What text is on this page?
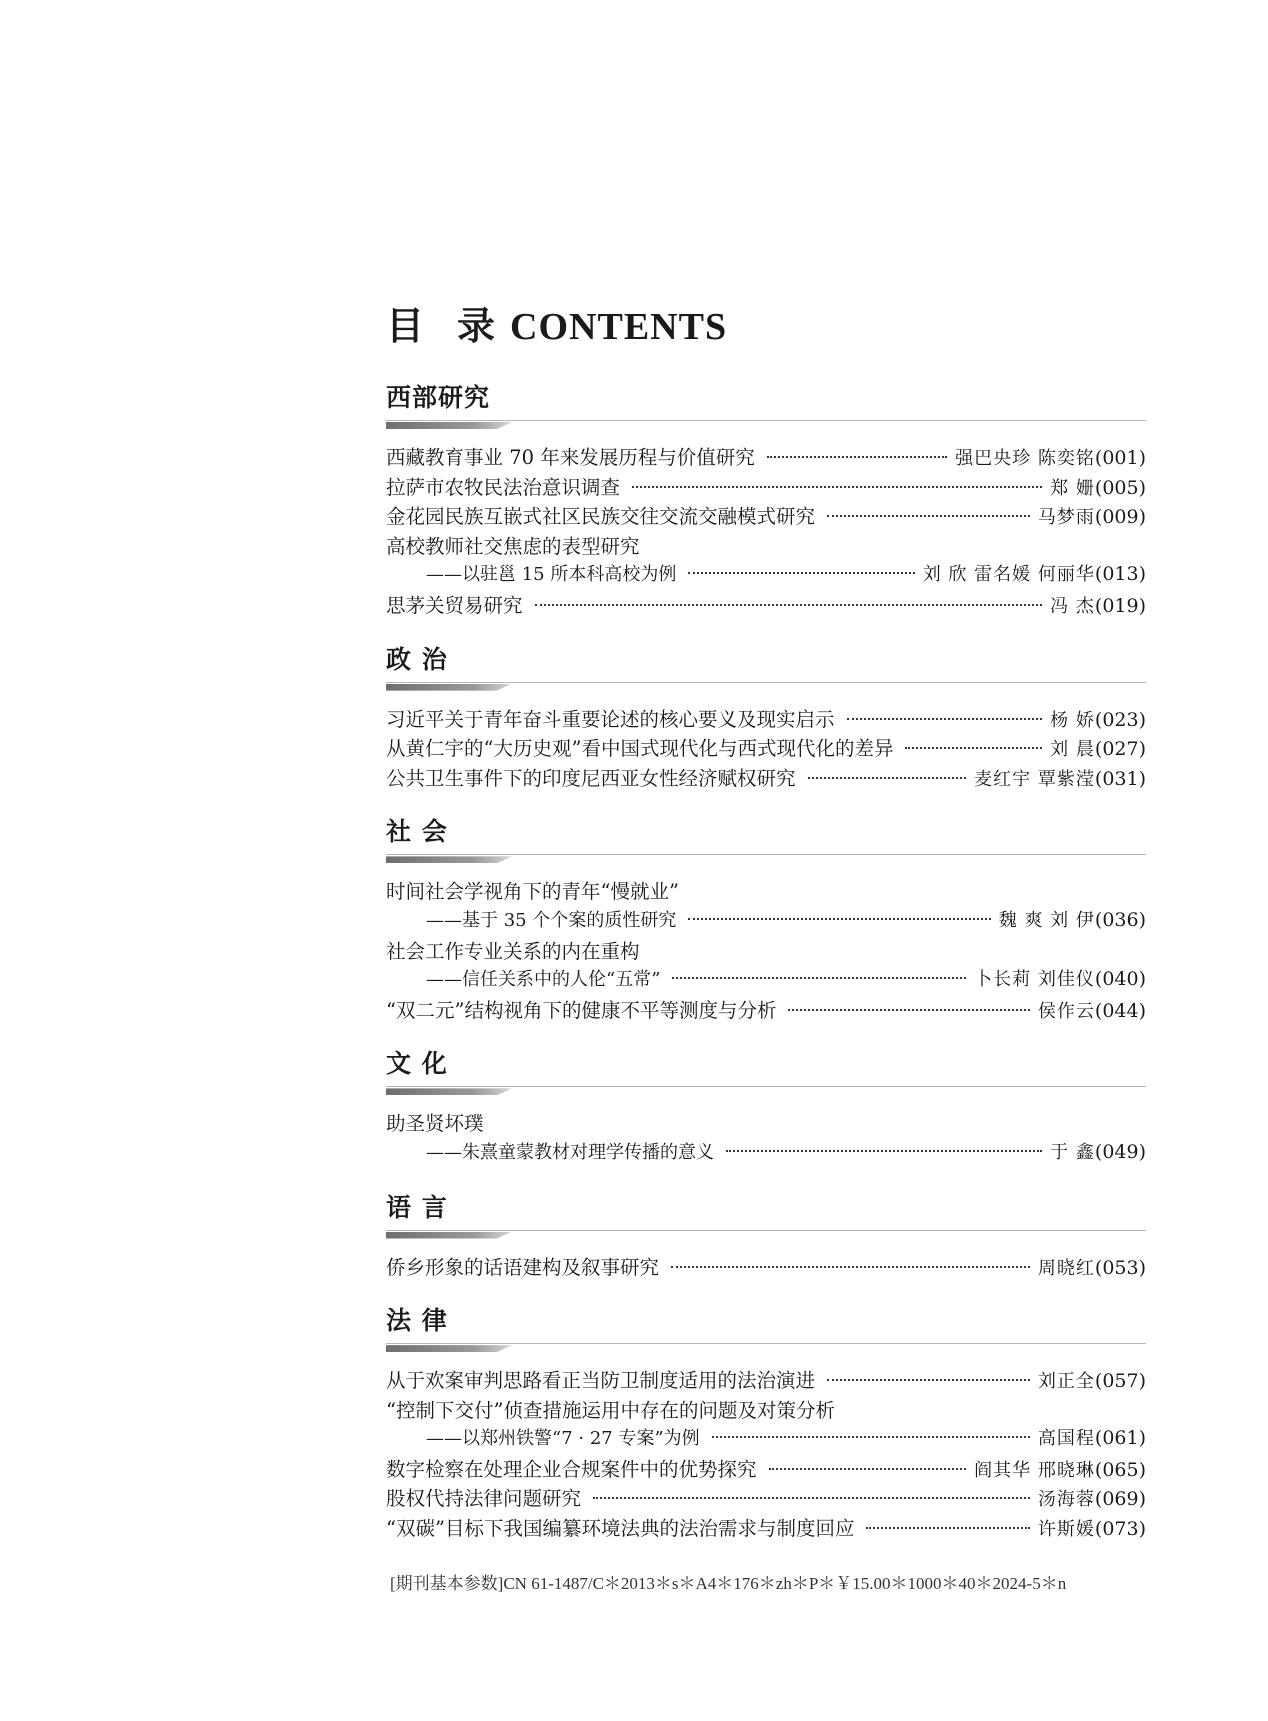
目 录 CONTENTS
西部研究
西藏教育事业 70 年来发展历程与价值研究	强巴央珍 陈奕铭 (001)
拉萨市农牧民法治意识调查	郑 姗 (005)
金花园民族互嵌式社区民族交往交流交融模式研究	马梦雨 (009)
高校教师社交焦虑的表型研究
——以驻邕 15 所本科高校为例	刘 欣 雷名媛 何丽华 (013)
思茅关贸易研究	冯 杰 (019)
政 治
习近平关于青年奋斗重要论述的核心要义及现实启示	杨 娇 (023)
从黄仁宇的“大历史观”看中国式现代化与西式现代化的差异	刘 晨 (027)
公共卫生事件下的印度尼西亚女性经济赋权研究	麦红宇 覃紫滢 (031)
社 会
时间社会学视角下的青年“慢就业”
——基于 35 个个案的质性研究	魏 爽 刘 伊 (036)
社会工作专业关系的内在重构
——信任关系中的人伦“五常”	卜长莉 刘佳仪 (040)
“双二元”结构视角下的健康不平等测度与分析	侯作云 (044)
文 化
助圣贤坏璞
——朱熹童蒙教材对理学传播的意义	于 鑫 (049)
语 言
侨乡形象的话语建构及叙事研究	周晓红 (053)
法 律
从于欢案审判思路看正当防卫制度适用的法治演进	刘正全 (057)
“控制下交付”侦查措施运用中存在的问题及对策分析
——以郑州铁警“7 · 27 专案”为例	高国程 (061)
数字检察在处理企业合规案件中的优势探究	阎其华 邢晓琳 (065)
股权代持法律问题研究	汤海蓉 (069)
“双碳”目标下我国编纂环境法典的法治需求与制度回应	许斯媛 (073)
[期刊基本参数]CN 61-1487/C＊2013＊s＊A4＊176＊zh＊P＊￥15.00＊1000＊40＊2024-5＊n
